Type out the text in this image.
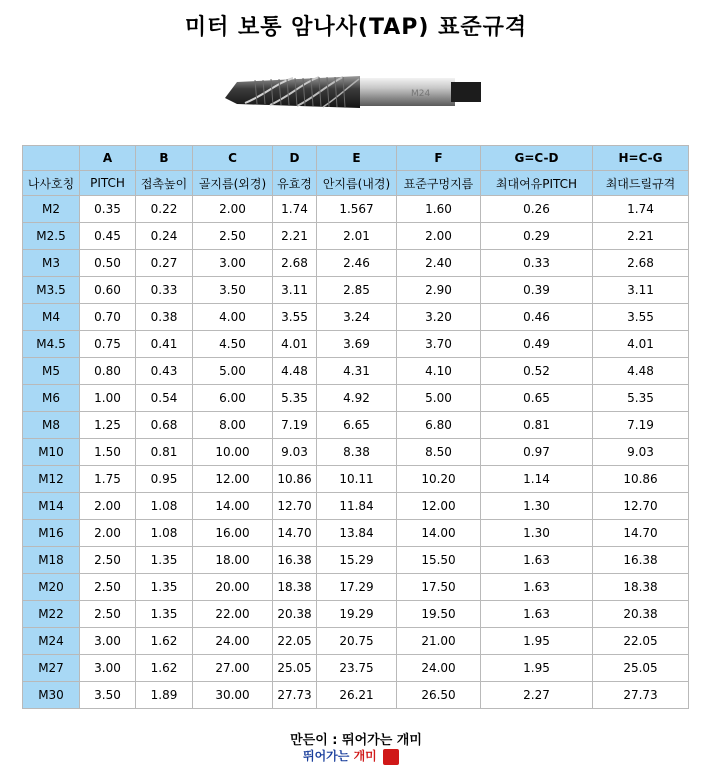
미터 보통 암나사(TAP) 표준규격
M24
	A	B	C	D	E	F	G=C-D	H=C-G
나사호칭	PITCH	접촉높이	골지름(외경)	유효경	안지름(내경)	표준구멍지름	최대여유PITCH	최대드릴규격
M2	0.35	0.22	2.00	1.74	1.567	1.60	0.26	1.74
M2.5	0.45	0.24	2.50	2.21	2.01	2.00	0.29	2.21
M3	0.50	0.27	3.00	2.68	2.46	2.40	0.33	2.68
M3.5	0.60	0.33	3.50	3.11	2.85	2.90	0.39	3.11
M4	0.70	0.38	4.00	3.55	3.24	3.20	0.46	3.55
M4.5	0.75	0.41	4.50	4.01	3.69	3.70	0.49	4.01
M5	0.80	0.43	5.00	4.48	4.31	4.10	0.52	4.48
M6	1.00	0.54	6.00	5.35	4.92	5.00	0.65	5.35
M8	1.25	0.68	8.00	7.19	6.65	6.80	0.81	7.19
M10	1.50	0.81	10.00	9.03	8.38	8.50	0.97	9.03
M12	1.75	0.95	12.00	10.86	10.11	10.20	1.14	10.86
M14	2.00	1.08	14.00	12.70	11.84	12.00	1.30	12.70
M16	2.00	1.08	16.00	14.70	13.84	14.00	1.30	14.70
M18	2.50	1.35	18.00	16.38	15.29	15.50	1.63	16.38
M20	2.50	1.35	20.00	18.38	17.29	17.50	1.63	18.38
M22	2.50	1.35	22.00	20.38	19.29	19.50	1.63	20.38
M24	3.00	1.62	24.00	22.05	20.75	21.00	1.95	22.05
M27	3.00	1.62	27.00	25.05	23.75	24.00	1.95	25.05
M30	3.50	1.89	30.00	27.73	26.21	26.50	2.27	27.73
만든이 : 뛰어가는 개미
뛰어가는 개미
